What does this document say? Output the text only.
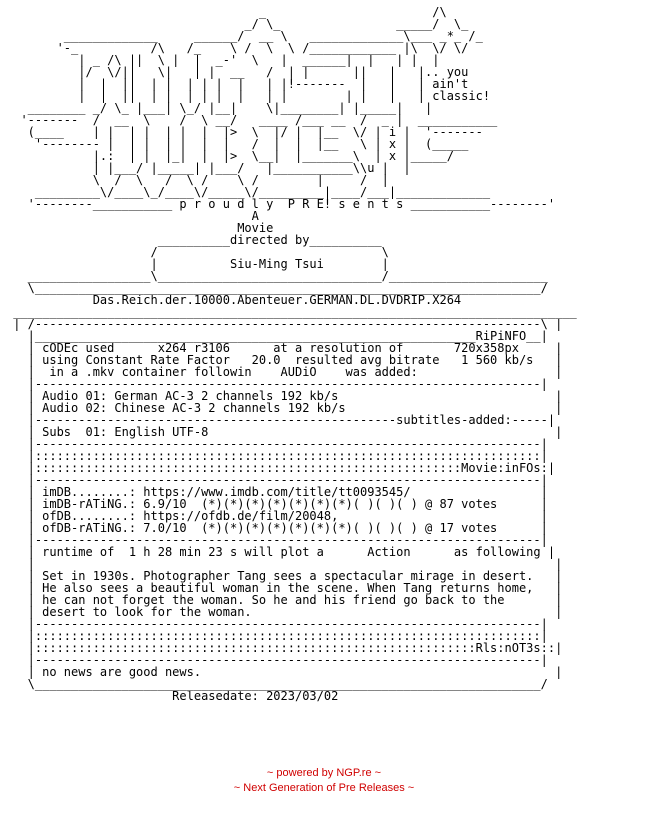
_                       /\
_/ \_                _____/  \_
_____________     ______/  __ \   _____________\___ _*_ /_
'-_          /\   /_    \ /  \  \ /____________ |\  \/ \/
| _ /\ ||  \ |  |  _-'  \   |  ______|  |   | |  |
|/  \/||   \|   | |  __   /  | |      ||   |   |.. you
|  |  ||  | |  | | |  |   | |!-------  |   |   | ain't
|  |  ||  | |  | | |  |   | |        | |   |   | classic!
________ _/ \_ |___| \_/ |__|    \|________| |_____|   |
'-------  /  __  \    /  \ __/   ____ /___ __  /  _ |  ___________
(____    | |  | |  | |  |  |>  \  |/ |  |__  \/ | i |  '-------
'-------- |  | |  | |  |  |   /  |  |  |__   \ | x |  (_____
|.:  | |  |_|  |  |>  \__|  |_______\  | x |_____/
| |___/ |_____| |___/   |___________\\u |  |
\  /  \   /  \ /    \ /        |     /  |
_________\/____\_/____\/_____\/_________|____/___|_____________
'--------___________ p r o u d l y  P R E! s e n t s ___________--------'
A
Movie
__________directed by__________
/                               \
|          Siu-Ming Tsui        |
_________________\_______________________________/______________________
\______________________________________________________________________/
Das.Reich.der.10000.Abenteuer.GERMAN.DL.DVDRIP.X264
______________________________________________________________________________
| /----------------------------------------------------------------------\ |
|_____________________________________________________________RiPiNFO__|
| cODEc used      x264 r3106      at a resolution of       720x358px     |
| using Constant Rate Factor   20.0  resulted avg bitrate   1 560 kb/s   |
|  in a .mkv container followin    AUDiO    was added:                   |
|----------------------------------------------------------------------|
| Audio 01: German AC-3 2 channels 192 kb/s                              |
| Audio 02: Chinese AC-3 2 channels 192 kb/s                             |
|--------------------------------------------------subtitles-added:-----|
| Subs  01: English UTF-8                                                |
|----------------------------------------------------------------------|
|::::::::::::::::::::::::::::::::::::::::::::::::::::::::::::::::::::::|
|:::::::::::::::::::::::::::::::::::::::::::::::::::::::::::Movie:inFOs:|
|----------------------------------------------------------------------|
| imDB........: https://www.imdb.com/title/tt0093545/                  |
| imDB-rATiNG.: 6.9/10  (*)(*)(*)(*)(*)(*)(*)( )( )( ) @ 87 votes      |
| ofDB........: https://ofdb.de/film/20048,                            |
| ofDB-rATiNG.: 7.0/10  (*)(*)(*)(*)(*)(*)(*)( )( )( ) @ 17 votes      |
|----------------------------------------------------------------------|
| runtime of  1 h 28 min 23 s will plot a      Action      as following |
|                                                                        |
| Set in 1930s. Photographer Tang sees a spectacular mirage in desert.   |
| He also sees a beautiful woman in the scene. When Tang returns home,   |
| he can not forget the woman. So he and his friend go back to the       |
| desert to look for the woman.                                          |
|----------------------------------------------------------------------|
|::::::::::::::::::::::::::::::::::::::::::::::::::::::::::::::::::::::|
|:::::::::::::::::::::::::::::::::::::::::::::::::::::::::::::Rls:nOT3s::|
|----------------------------------------------------------------------|
| no news are good news.                                                 |
\______________________________________________________________________/
Releasedate: 2023/03/02
~ powered by NGP.re ~
~ Next Generation of Pre Releases ~
